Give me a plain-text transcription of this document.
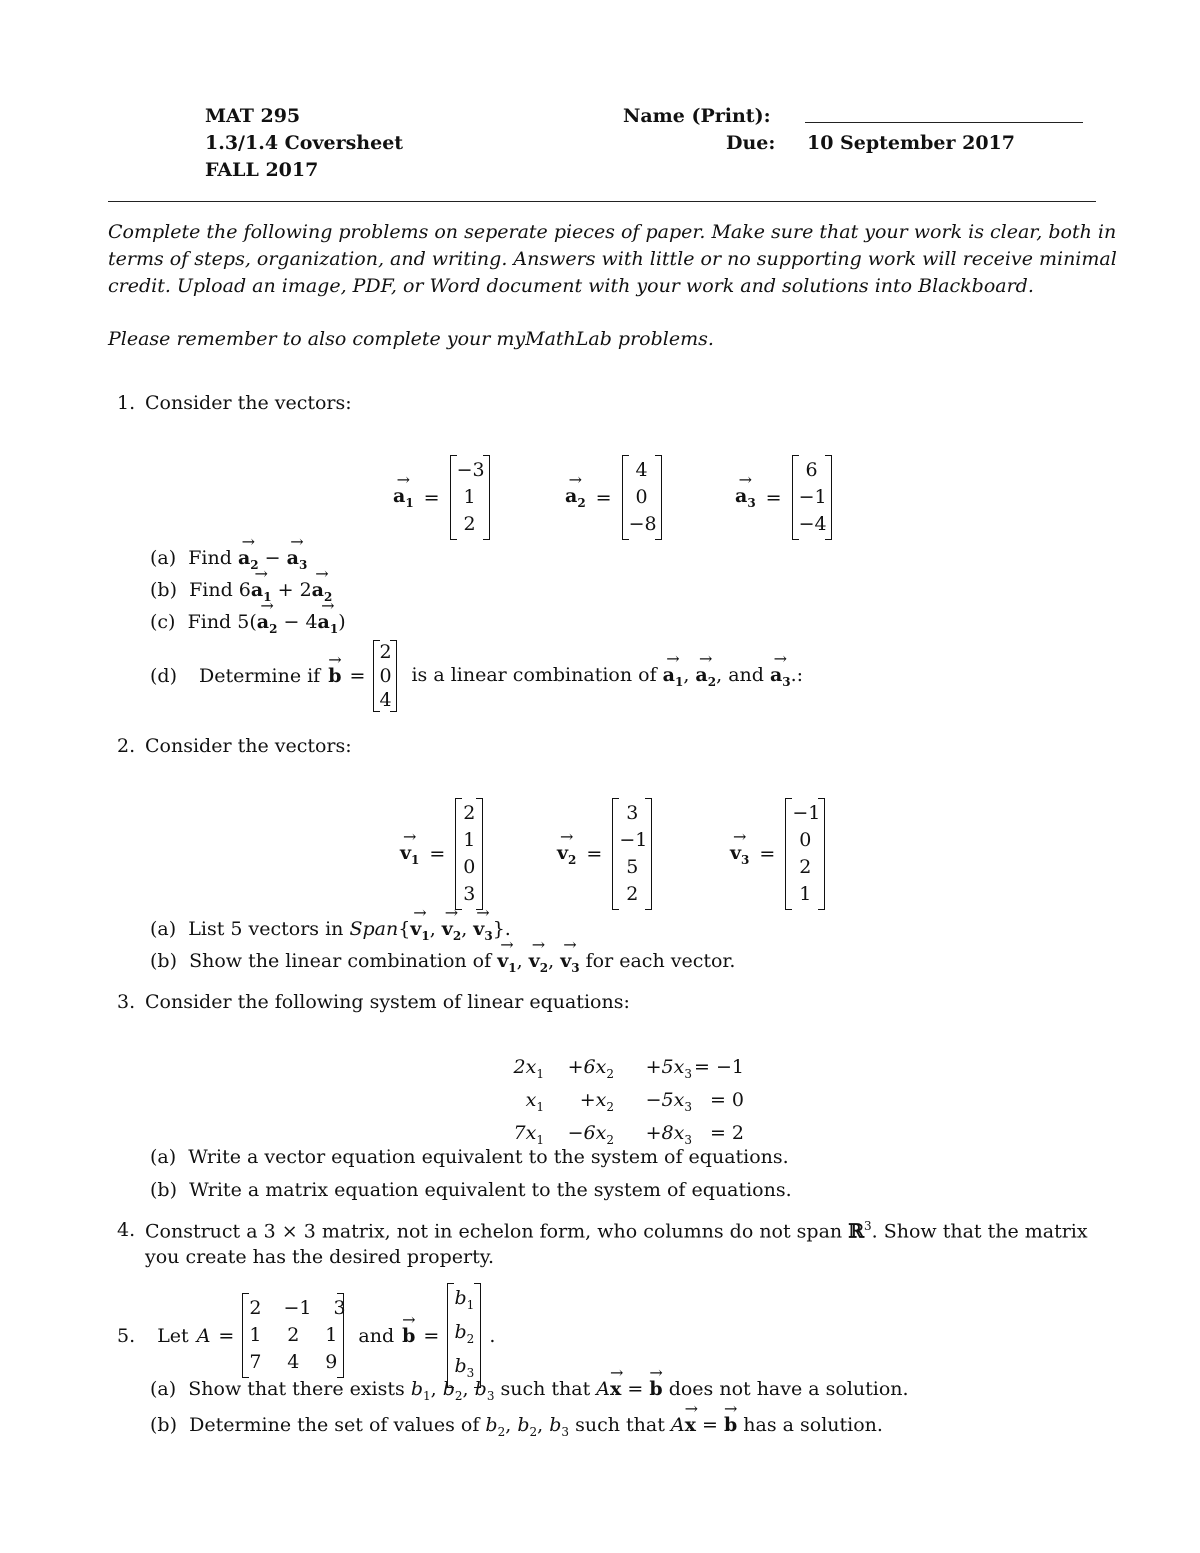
MAT 295
1.3/1.4 Coversheet
FALL 2017
Name (Print):
Due: 10 September 2017
Complete the following problems on seperate pieces of paper. Make sure that your work is clear, both in
terms of steps, organization, and writing. Answers with little or no supporting work will receive minimal
credit. Upload an image, PDF, or Word document with your work and solutions into Blackboard.
Please remember to also complete your myMathLab problems.
1. Consider the vectors:
→ $a_1$ =
−3
1
2
→ $a_2$ =
4
0
−8
→ $a_3$ =
6
−1
−4
(a) Find → $a_2$ − → $a_3$
(b) Find $6\to a_1 + 2\to a_2$
(c) Find $5(\to a_2 - 4\to a_1)$
(d)
Determine if → b =
2
0
4
is a linear combination of → $a_1$, → $a_2$, and → $a_3$.:
2. Consider the vectors:
→ $v_1$ =
2
1
0
3
→ $v_2$ =
3
−1
5
2
→ $v_3$ =
−1
0
2
1
(a) List 5 vectors in Span{→ $v_1$, → $v_2$, → $v_3$}.
(b) Show the linear combination of → $v_1$, → $v_2$, → $v_3$ for each vector.
3. Consider the following system of linear equations:
$2x_1$	$+6x_2$	$+5x_3 = -1$
$x_1$	$+x_2$	$-5x_3 = 0$
$7x_1$	$-6x_2$	$+8x_3 = 2$
(a) Write a vector equation equivalent to the system of equations.
(b) Write a matrix equation equivalent to the system of equations.
4. Construct a 3 × 3 matrix, not in echelon form, who columns do not span ℝ$^3$. Show that the matrix
you create has the desired property.
5.
Let A =
2 −1 3
1 2 1
7 4 9
and → b =
$b_1$
$b_2$
$b_3$
.
(a) Show that there exists $b_1$, $b_2$, $b_3$ such that A→ x = → b does not have a solution.
(b) Determine the set of values of $b_2$, $b_2$, $b_3$ such that A→ x = → b has a solution.
